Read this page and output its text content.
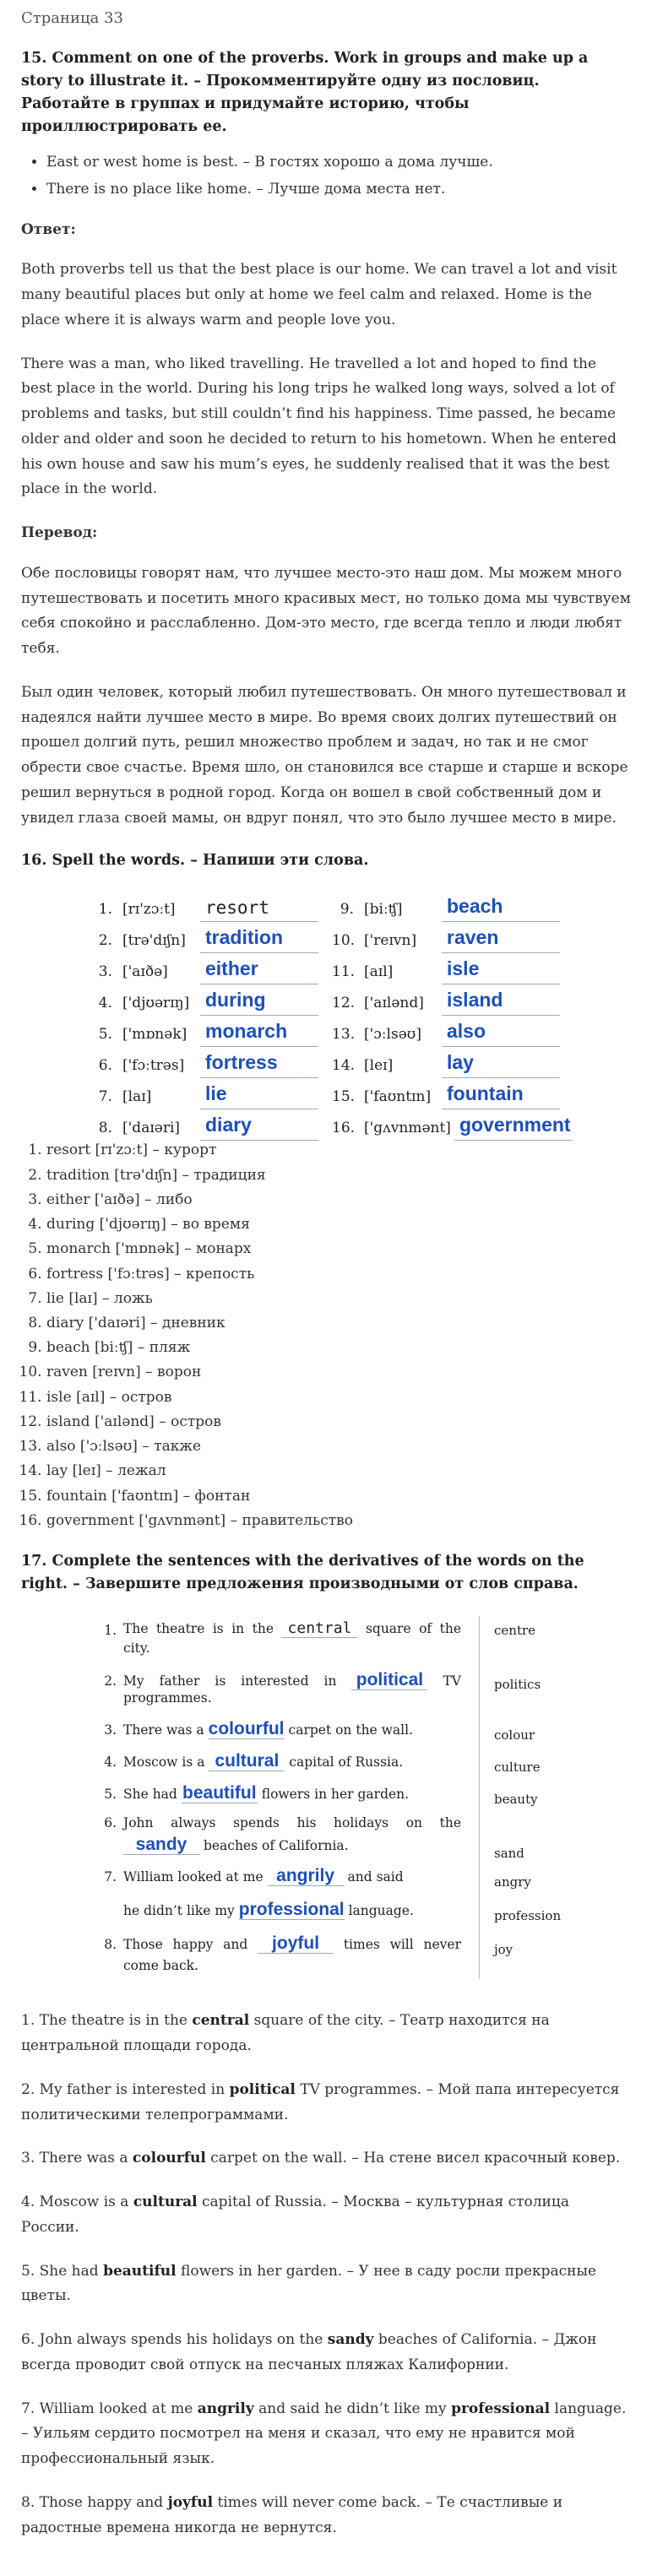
Страница 33
15. Comment on one of the proverbs. Work in groups and make up a story to illustrate it. – Прокомментируйте одну из пословиц. Работайте в группах и придумайте историю, чтобы проиллюстрировать ее.
• East or west home is best. – В гостях хорошо а дома лучше.
• There is no place like home. – Лучше дома места нет.
Ответ:

Both proverbs tell us that the best place is our home. We can travel a lot and visit many beautiful places but only at home we feel calm and relaxed. Home is the place where it is always warm and people love you.

There was a man, who liked travelling. He travelled a lot and hoped to find the best place in the world. During his long trips he walked long ways, solved a lot of problems and tasks, but still couldn’t find his happiness. Time passed, he became older and older and soon he decided to return to his hometown. When he entered his own house and saw his mum’s eyes, he suddenly realised that it was the best place in the world.

Перевод:

Обе пословицы говорят нам, что лучшее место-это наш дом. Мы можем много путешествовать и посетить много красивых мест, но только дома мы чувствуем себя спокойно и расслабленно. Дом-это место, где всегда тепло и люди любят тебя.

Был один человек, который любил путешествовать. Он много путешествовал и надеялся найти лучшее место в мире. Во время своих долгих путешествий он прошел долгий путь, решил множество проблем и задач, но так и не смог обрести свое счастье. Время шло, он становился все старше и старше и вскоре решил вернуться в родной город. Когда он вошел в свой собственный дом и увидел глаза своей мамы, он вдруг понял, что это было лучшее место в мире.

16. Spell the words. – Напиши эти слова.
1. [rɪ'zɔːt]	resort
2. [trə'dɪʃn]	tradition
3. ['aɪðə]	either
4. ['djʊərɪŋ] during
5. ['mɒnək] monarch
6. ['fɔːtrəs]	fortress
7. [laɪ]	lie
8. ['daɪəri]	diary
9. [biːʧ]	beach
10. ['reɪvn]	raven
11. [aɪl]	isle
12. ['aɪlənd]	island
13. ['ɔːlsəʊ]	also
14. [leɪ]	lay
15. ['faʊntɪn] fountain
16. ['gʌvnmənt] government
1. resort [rɪ'zɔːt] – курорт
2. tradition [trə'dɪʃn] – традиция
3. either ['aɪðə] – либо
4. during ['djʊərɪŋ] – во время
5. monarch ['mɒnək] – монарх
6. fortress ['fɔːtrəs] – крепость
7. lie [laɪ] – ложь
8. diary ['daɪəri] – дневник
9. beach [biːʧ] – пляж
10. raven [reɪvn] – ворон
11. isle [aɪl] – остров
12. island ['aɪlənd] – остров
13. also ['ɔːlsəʊ] – также
14. lay [leɪ] – лежал
15. fountain ['faʊntɪn] – фонтан
16. government ['gʌvnmənt] – правительство
17. Complete the sentences with the derivatives of the words on the right. – Завершите предложения производными от слов справа.
1. The theatre is in the central square of the city.
centre
2. My father is interested in political TV programmes.
politics
3. There was a colourful carpet on the wall.	colour
4. Moscow is a cultural capital of Russia.	culture
5. She had beautiful flowers in her garden.	beauty
6. John always spends his holidays on the sandy beaches of California.
sand
7. William looked at me angrily and said	angry
he didn’t like my professional language.	profession
8. Those happy and joyful times will never come back.
joy

1. The theatre is in the central square of the city. – Театр находится на центральной площади города.

2. My father is interested in political TV programmes. – Мой папа интересуется политическими телепрограммами.

3. There was a colourful carpet on the wall. – На стене висел красочный ковер.

4. Moscow is a cultural capital of Russia. – Москва – культурная столица России.

5. She had beautiful flowers in her garden. – У нее в саду росли прекрасные цветы.

6. John always spends his holidays on the sandy beaches of California. – Джон всегда проводит свой отпуск на песчаных пляжах Калифорнии.

7. William looked at me angrily and said he didn’t like my professional language. – Уильям сердито посмотрел на меня и сказал, что ему не нравится мой профессиональный язык.

8. Those happy and joyful times will never come back. – Те счастливые и радостные времена никогда не вернутся.
